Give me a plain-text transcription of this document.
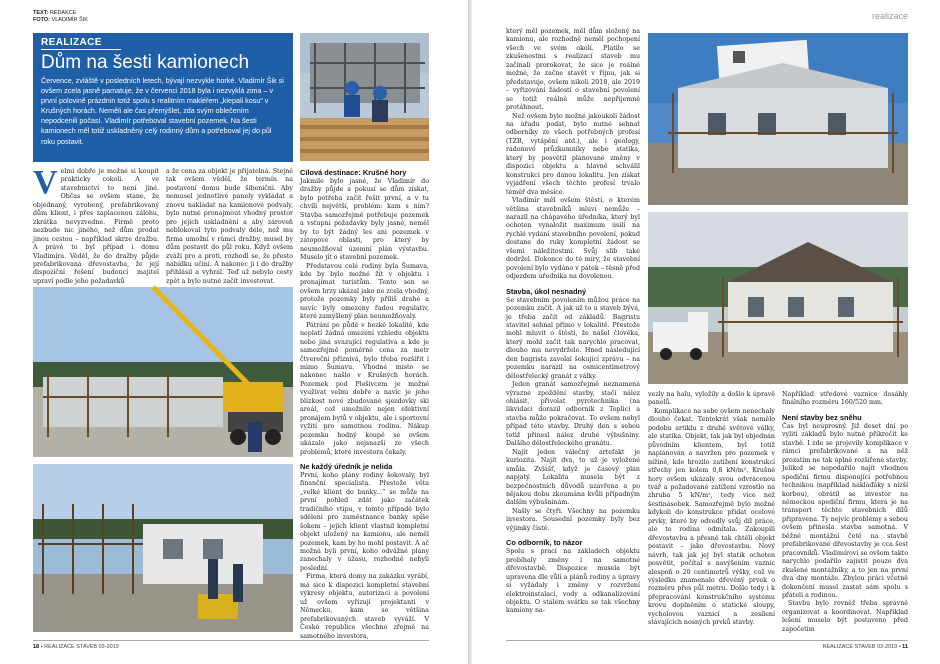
TEXT: REDAKCE
FOTO: VLADIMÍR ŠIK
REALIZACE
Dům na šesti kamionech

Července, zvláště v posledních letech, bývají nezvykle horké. Vladimír Šik si ovšem zcela jasně pamatuje, že v červenci 2018 byla i nezvyklá zima – v první polovině prázdnin totiž spolu s realitním makléřem „klepali kosu“ v Krušných horách. Neměli ale čas přemýšlet, zda svým oblečením nepodcenili počasí. Vladimír potřeboval stavební pozemek. Na šesti kamionech měl totiž uskladněný celý rodinný dům a potřeboval jej do půl roku postavit.

V elmi dobře je možné si koupit prakticky cokoli. A ve stavebnictví to není jiné. Občas se ovšem stane, že objednaný, vyrobený, prefabrikovaný dům klient, i přes zaplacenou zálohu, zkrátka nevyzvedne. Firmě proto nezbude nic jiného, než dům prodat jinou cestou – například skrze dražbu. A právě to byl případ i domu Vladimíra. Věděl, že do dražby půjde prefabrikovaná dřevostavba, že její dispoziční řešení budoucí majitel upraví podle jeho požadavků

a že cena za objekt je přijatelná. Stejně tak ovšem věděl, že termín na postavení domu bude šibeniční. Aby nemusel jednotlivé panely vykládat a znovu nakládat na kamionové podvaly, bylo nutné pronajmout vhodný prostor pro jejich uskladnění a aby zároveň neblokoval tyto podvaly déle, než mu firma umožní v rámci dražby, musel by dům postavit do půl roku. Když ovšem zváží pro a proti, rozhodl se, že přesto nabídku učiní. A nakonec ji i do dražby přihlásil a vyhrál. Teď už nebylo cesty zpět a bylo nutné začít investovat.

Cílová destinace: Krušné hory

Jakmile bylo jasné, že Vladimír do dražby půjde a pokusí se dům získat, bylo potřeba začít řešit první, a v tu chvíli největší, problém: kam s ním? Stavba samozřejmě potřebuje pozemek a vstupní požadavky byly jasné, neměl by to být žádný les ani pozemek v zátopové oblasti, pro který by neumožňoval územní plán výstavbu. Muselo jít o stavební pozemek.

Představou celé rodiny byla Šumava, kde by bylo možné žít v objektu i pronajímat turistům. Tento sen se ovšem brzy ukázal jako ne zcela vhodný, protože pozemky byly příliš drahé a navíc byly omezeny řadou regulativ, které zamýšlený plán neumožňovaly.

Pátrání po půdě v hezké lokalitě, kde neplatí žádná omezení vzhledu objektu nebo jiná svazující regulativa a kde je samozřejmě poměrně cena za metr čtvereční příznivá, bylo třeba rozšířit i mimo Šumavu. Vhodné místo se nakonec našlo v Krušných horách. Pozemek pod Plešivcem je možné využívat velmi dobře a navíc je jeho blízkost nové zbudované sjezdovky ski areál, což umožnilo nejen efektivní pronájem bytů v objektu, ale i sportovní vyžití pro samotnou rodinu. Nákup pozemku hodný koupě se ovšem ukázalo jako nejsnazší ze všech problémů, které investora čekaly.

Ne každý úředník je nelida

První, koho plány rodiny šokovaly, byl finanční specialista. Přestože věta „velké klient do banky...“ se může na první pohled zdát jako začátek tradičního vtipu, v tomto případě bylo sdělení pro zaměstnance banky spíše šokem – jejich klient vlastnil kompletní objekt uložený na kamionu, ale neměl pozemek, kam by ho mohl postavit. A ač možná byli první, koho odvážné plány zanechaly v úžasu, rozhodně nebyli poslední.

Firma, která domy na zakázku vyrábí, má sice k dispozici kompletní stavební výkresy objektu, autorizaci a povolení už ovšem vyřizují projektanti v Německu, kam se většina prefabrikovaných staveb vyváží. V České republice všechno zřejmě na samotného investora,

18 • REALIZACE STAVEB 03-2019
realizace

který měl pozemek, měl dům složený na kamionu, ale rozhodně neměl pochopení všech ve svém okolí. Platilo se zkušenostmi s realizací staveb mu začínali prorokovat, že sice je reálné možné, že začne stavět v říjnu, jak si představuje, ovšem nikoli 2018, ale 2019 – vyřizování žádostí o stavební povolení se totiž reálně může nepříjemně protáhnout.

Než ovšem bylo možné jakoukoli žádost na úřadu podat, bylo nutné sehnat odborníky ze všech potřebných profesí (TZB, vytápění atd.), ale i geology, radonové průzkumníky nebo statika, který by posvětil plánované změny v dispozici objektu a hlavně schválil konstrukci pro danou lokalitu. Jen získat vyjádření všech těchto profesí trvalo téměř dva měsíce.

Vladimír měl ovšem štěstí, o kterém většina stavebníků mluví nemůže – narazil na chápavého úředníka, který byl ochoten vynaložit maximum úsilí na rychlé vydání stavebního povolení, pokud dostane do ruky kompletní žádost se všemi náležitostmi. Svůj slib také dodržel. Dokonce do té míry, že stavební povolení bylo vydáno v pátek – těsně před odjezdem úředníka na dovolenou.

Stavba, úkol nesnadný

Se stavebním povolením můžou práce na pozemku začít. A jak už to u staveb bývá, je třeba začít od základů. Bagristu stavitel sehnal přímo v lokalitě. Přestože mohl mluvit o štěstí, že našel člověka, který mohl začít tak narychlo pracovat, dlouho mu nevydrželo. Hned následující den bagrista zavolal šokující zprávu – na pozemku narazil na osmicentimetrový dělostřelecký granát z války.

Jeden granát samozřejmě neznamená výrazné zpoždění stavby, stačí nález ohlásit, přivolat pyrotechnika (na likvidaci dorazil odborník z Teplic) a stavba může pokračovat. To ovšem nebyl případ této stavby. Druhý den s sebou totiž přinesl nález druhé výbušniny. Dalšího dělostřeleckého granátu.

Najít jeden válečný artefakt je kuriozita. Najít dva, to už je vyložené smůla. Zvlášť, když je časový plán napjatý. Lokalita musela být z bezpečnostních důvodů uzavřena a po nějakou dobu zkoumána kvůli případným dalším výbušninám.

Našly se čtyři. Všechny na pozemku investora. Sousední pozemky byly bez výjimky čisté.

Co odborník, to názor

Spolu s prací na základech objektu probíhaly změny i na samotné dřevostavbě. Dispozice musela být upravena dle vůlí a plánů rodiny a úpravy si vyžádaly i změny v rozvržení elektroinstalací, vody a odkanalizování objektu. O stálém svátku se tak všechny kamiony na-

vezly na halu, vyložily a došlo k úpravě panelů.

Komplikace na sebe ovšem nenechaly dlouho čekat. Tentokrát však nemělo podobu artiklu z druhé světové války, ale statika. Objekt, tak jak byl objednán původním klientem, byl totiž naplánován a navržen pro pozemek v nížině, kde hrozilo zatížení konstrukcí střechy jen kolem 0,8 kN/m². Krušné hory ovšem ukázaly svou odvrácenou tvář a požadované zatížení vzrostlo na zhruba 5 kN/m², tedy více než šestinásobek. Samozřejmě bylo možné kdykoli do konstrukce přidat ocelové prvky, které by odvedly svůj díl práce, ale to rodina odmítala. Zakoupili dřevostavbu a přesně tak chtěli objekt postavit – jako dřevostavbu. Nový návrh, tak jak jej byl statik ochoten posvětit, počítal s navýšením vaznic alespoň o 20 centimetrů výšky, což ve výsledku znamenalo dřevěný prvek o rozměru přes půl metru. Došlo tedy i k přepracování konstrukčního systému krovu doplněním o statické sloupy, vycholovou vaznicí a zesílení stávajících nosných prvků stavby.

Například středové vaznice dosáhly finálního rozměru 160/520 mm.

Není stavby bez sněhu

Čas byl neúprosný. Již deset dní po vylití základů bylo nutné přikročit ke stavbě. I zde se projevily komplikace v rámci prefabrikované a na něž prozatím ne tak úplně rozšířené stavby. Jelikož se nepodařilo najít vhodnou spediční firmu disponující potřebnou technikou (například náklaďáky s nízší korbou), obrátil se investor na německou spediční firmu, která je na transport těchto stavebních dílů připravena. Ty nejvíc problémy s sebou ovšem přinesla stavba samotná. V běžné montážní četě na stavbě prefabrikované dřevostavby je cca šest pracovníků. Vladimírovi se ovšem takto narychlo podařilo zajistit pouze dva zkušené montážníky, a to jen na první dva dny montáže. Zbylou práci včetně dokončení musel zastat sám spolu s přáteli a rodinou.

Stavbu bylo rovněž třeba správně organizovat a koordinovat. Například lešení muselo být postaveno před započetím

REALIZACE STAVEB 03-2019 • 11
